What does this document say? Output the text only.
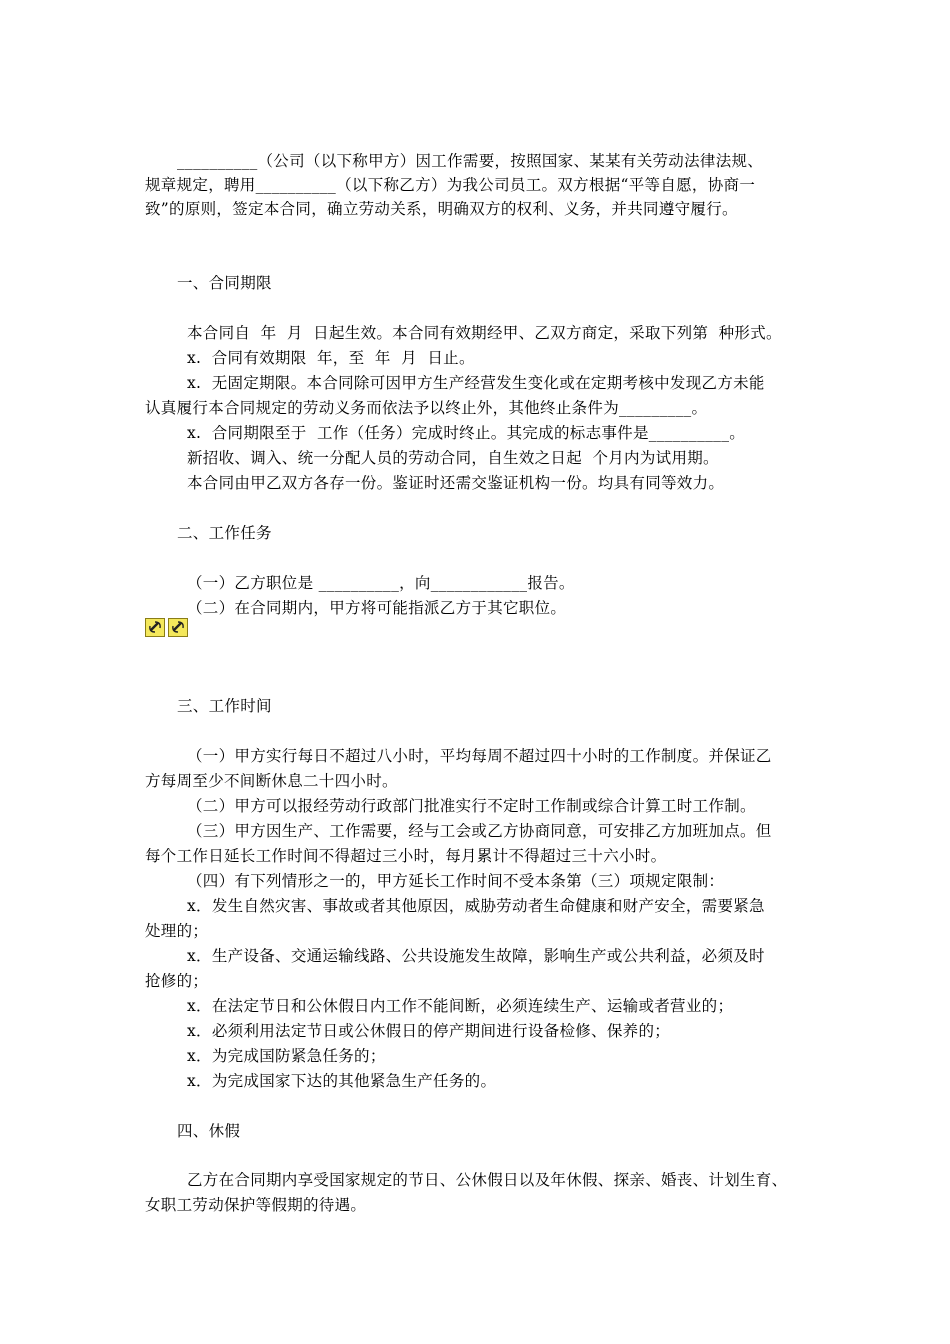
__________（公司（以下称甲方）因工作需要，按照国家、某某有关劳动法律法规、
规章规定，聘用__________（以下称乙方）为我公司员工。双方根据“平等自愿，协商一
致”的原则，签定本合同，确立劳动关系，明确双方的权利、义务，并共同遵守履行。
一、合同期限
本合同自  年  月  日起生效。本合同有效期经甲、乙双方商定，采取下列第  种形式。
x.  合同有效期限  年，至  年  月  日止。
x.  无固定期限。本合同除可因甲方生产经营发生变化或在定期考核中发现乙方未能
认真履行本合同规定的劳动义务而依法予以终止外，其他终止条件为_________。
x.  合同期限至于  工作（任务）完成时终止。其完成的标志事件是__________。
新招收、调入、统一分配人员的劳动合同，自生效之日起  个月内为试用期。
本合同由甲乙双方各存一份。鉴证时还需交鉴证机构一份。均具有同等效力。
二、工作任务
（一）乙方职位是 __________，向____________报告。
（二）在合同期内，甲方将可能指派乙方于其它职位。
三、工作时间
（一）甲方实行每日不超过八小时，平均每周不超过四十小时的工作制度。并保证乙
方每周至少不间断休息二十四小时。
（二）甲方可以报经劳动行政部门批准实行不定时工作制或综合计算工时工作制。
（三）甲方因生产、工作需要，经与工会或乙方协商同意，可安排乙方加班加点。但
每个工作日延长工作时间不得超过三小时，每月累计不得超过三十六小时。
（四）有下列情形之一的，甲方延长工作时间不受本条第（三）项规定限制：
x．发生自然灾害、事故或者其他原因，威胁劳动者生命健康和财产安全，需要紧急
处理的；
x．生产设备、交通运输线路、公共设施发生故障，影响生产或公共利益，必须及时
抢修的；
x．在法定节日和公休假日内工作不能间断，必须连续生产、运输或者营业的；
x．必须利用法定节日或公休假日的停产期间进行设备检修、保养的；
x．为完成国防紧急任务的；
x．为完成国家下达的其他紧急生产任务的。
四、休假
乙方在合同期内享受国家规定的节日、公休假日以及年休假、探亲、婚丧、计划生育、
女职工劳动保护等假期的待遇。
